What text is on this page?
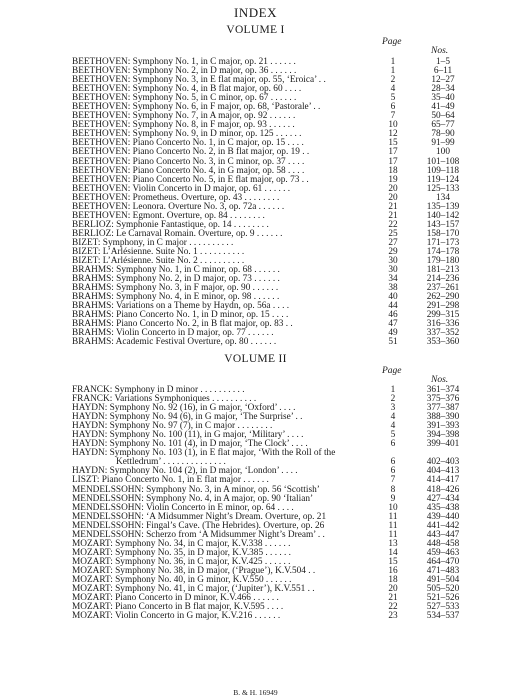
INDEX
VOLUME I
Page
Nos.
BEETHOVEN: Symphony No. 1, in C major, op. 21 . . . . . .	1	1–5
BEETHOVEN: Symphony No. 2, in D major, op. 36 . . . . . .	1	6–11
BEETHOVEN: Symphony No. 3, in E flat major, op. 55, ‘Eroica’ . .	2	12–27
BEETHOVEN: Symphony No. 4, in B flat major, op. 60 . . . .	4	28–34
BEETHOVEN: Symphony No. 5, in C minor, op. 67 . . . . . .	5	35–40
BEETHOVEN: Symphony No. 6, in F major, op. 68, ‘Pastorale’ . .	6	41–49
BEETHOVEN: Symphony No. 7, in A major, op. 92 . . . . . .	7	50–64
BEETHOVEN: Symphony No. 8, in F major, op. 93 . . . . . .	10	65–77
BEETHOVEN: Symphony No. 9, in D minor, op. 125 . . . . . .	12	78–90
BEETHOVEN: Piano Concerto No. 1, in C major, op. 15 . . . .	15	91–99
BEETHOVEN: Piano Concerto No. 2, in B flat major, op. 19 . .	17	100
BEETHOVEN: Piano Concerto No. 3, in C minor, op. 37 . . . .	17	101–108
BEETHOVEN: Piano Concerto No. 4, in G major, op. 58 . . . .	18	109–118
BEETHOVEN: Piano Concerto No. 5, in E flat major, op. 73 . .	19	119–124
BEETHOVEN: Violin Concerto in D major, op. 61 . . . . . .	20	125–133
BEETHOVEN: Prometheus. Overture, op. 43 . . . . . . . .	20	134
BEETHOVEN: Leonora. Overture No. 3, op. 72a . . . . . .	21	135–139
BEETHOVEN: Egmont. Overture, op. 84 . . . . . . . .	21	140–142
BERLIOZ: Symphonie Fantastique, op. 14 . . . . . . . .	22	143–157
BERLIOZ: Le Carnaval Romain. Overture, op. 9 . . . . . .	25	158–170
BIZET: Symphony, in C major . . . . . . . . . .	27	171–173
BIZET: L’Arlésienne. Suite No. 1 . . . . . . . . . .	29	174–178
BIZET: L’Arlésienne. Suite No. 2 . . . . . . . . . .	30	179–180
BRAHMS: Symphony No. 1, in C minor, op. 68 . . . . . .	30	181–213
BRAHMS: Symphony No. 2, in D major, op. 73 . . . . . .	34	214–236
BRAHMS: Symphony No. 3, in F major, op. 90 . . . . . .	38	237–261
BRAHMS: Symphony No. 4, in E minor, op. 98 . . . . . .	40	262–290
BRAHMS: Variations on a Theme by Haydn, op. 56a . . . .	44	291–298
BRAHMS: Piano Concerto No. 1, in D minor, op. 15 . . . .	46	299–315
BRAHMS: Piano Concerto No. 2, in B flat major, op. 83 . .	47	316–336
BRAHMS: Violin Concerto in D major, op. 77 . . . . . .	49	337–352
BRAHMS: Academic Festival Overture, op. 80 . . . . . .	51	353–360
VOLUME II
Page
Nos.
FRANCK: Symphony in D minor . . . . . . . . . .	1	361–374
FRANCK: Variations Symphoniques . . . . . . . . . .	2	375–376
HAYDN: Symphony No. 92 (16), in G major, ‘Oxford’ . . . .	3	377–387
HAYDN: Symphony No. 94 (6), in G major, ‘The Surprise’ . .	4	388–390
HAYDN: Symphony No. 97 (7), in C major . . . . . . . .	4	391–393
HAYDN: Symphony No. 100 (11), in G major, ‘Military’ . . . .	5	394–398
HAYDN: Symphony No. 101 (4), in D major, ‘The Clock’ . . . .	6	399–401
HAYDN: Symphony No. 103 (1), in E flat major, ‘With the Roll of the
Kettledrum’ . . . . . . . . . . . . . .	6	402–403
HAYDN: Symphony No. 104 (2), in D major, ‘London’ . . . .	6	404–413
LISZT: Piano Concerto No. 1, in E flat major . . . . . .	7	414–417
MENDELSSOHN: Symphony No. 3, in A minor, op. 56 ‘Scottish’	8	418–426
MENDELSSOHN: Symphony No. 4, in A major, op. 90 ‘Italian’	9	427–434
MENDELSSOHN: Violin Concerto in E minor, op. 64 . . . .	10	435–438
MENDELSSOHN: ‘A Midsummer Night’s Dream. Overture, op. 21	11	439–440
MENDELSSOHN: Fingal’s Cave. (The Hebrides). Overture, op. 26	11	441–442
MENDELSSOHN: Scherzo from ‘A Midsummer Night’s Dream’ . .	11	443–447
MOZART: Symphony No. 34, in C major, K.V.338 . . . . . .	13	448–458
MOZART: Symphony No. 35, in D major, K.V.385 . . . . . .	14	459–463
MOZART: Symphony No. 36, in C major, K.V.425 . . . . . .	15	464–470
MOZART: Symphony No. 38, in D major, (‘Prague’), K.V.504 . .	16	471–483
MOZART: Symphony No. 40, in G minor, K.V.550 . . . . . .	18	491–504
MOZART: Symphony No. 41, in C major, (‘Jupiter’), K.V.551 . .	20	505–520
MOZART: Piano Concerto in D minor, K.V.466 . . . . . .	21	521–526
MOZART: Piano Concerto in B flat major, K.V.595 . . . .	22	527–533
MOZART: Violin Concerto in G major, K.V.216 . . . . . .	23	534–537
B. & H. 16949
